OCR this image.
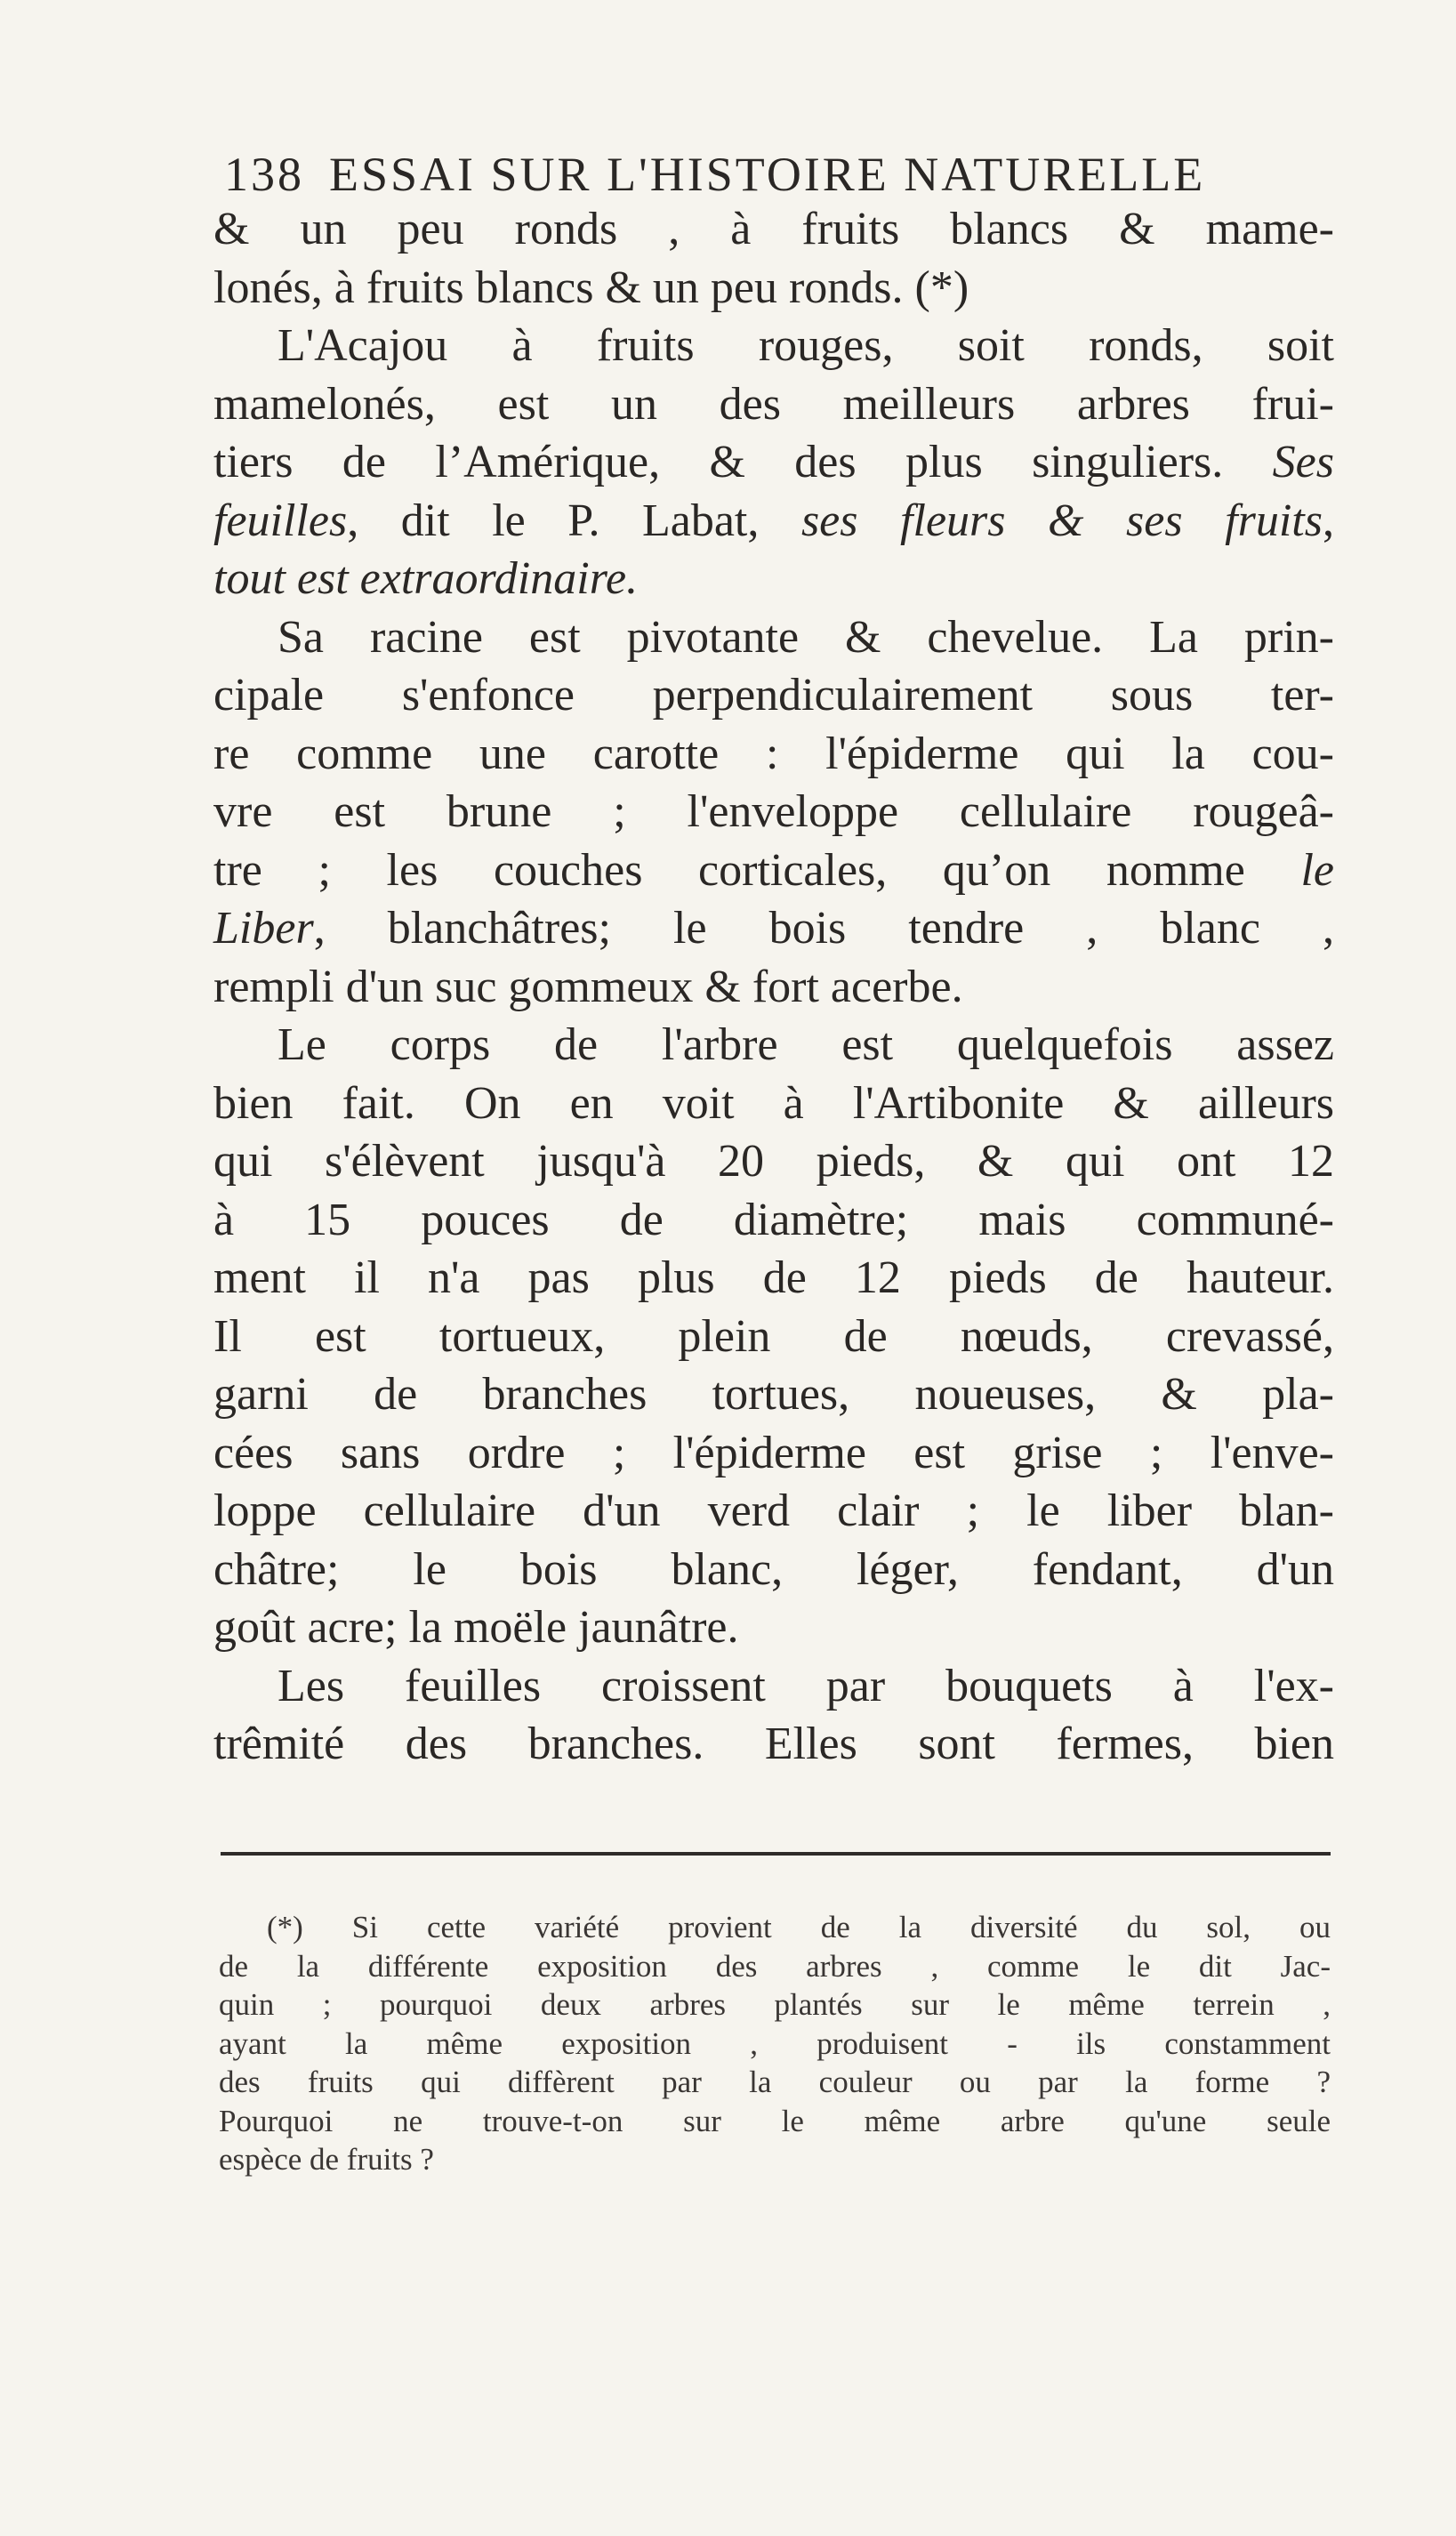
138 ESSAI SUR L'HISTOIRE NATURELLE
& un peu ronds , à fruits blancs & mame-
lonés, à fruits blancs & un peu ronds. (*)
L'Acajou à fruits rouges, soit ronds, soit
mamelonés, est un des meilleurs arbres frui-
tiers de l’Amérique, & des plus singuliers. Ses
feuilles, dit le P. Labat, ses fleurs & ses fruits,
tout est extraordinaire.
Sa racine est pivotante & chevelue. La prin-
cipale s'enfonce perpendiculairement sous ter-
re comme une carotte : l'épiderme qui la cou-
vre est brune ; l'enveloppe cellulaire rougeâ-
tre ; les couches corticales, qu’on nomme le
Liber, blanchâtres; le bois tendre , blanc ,
rempli d'un suc gommeux & fort acerbe.
Le corps de l'arbre est quelquefois assez
bien fait. On en voit à l'Artibonite & ailleurs
qui s'élèvent jusqu'à 20 pieds, & qui ont 12
à 15 pouces de diamètre; mais communé-
ment il n'a pas plus de 12 pieds de hauteur.
Il est tortueux, plein de nœuds, crevassé,
garni de branches tortues, noueuses, & pla-
cées sans ordre ; l'épiderme est grise ; l'enve-
loppe cellulaire d'un verd clair ; le liber blan-
châtre; le bois blanc, léger, fendant, d'un
goût acre; la moële jaunâtre.
Les feuilles croissent par bouquets à l'ex-
trêmité des branches. Elles sont fermes, bien
(*) Si cette variété provient de la diversité du sol, ou
de la différente exposition des arbres , comme le dit Jac-
quin ; pourquoi deux arbres plantés sur le même terrein ,
ayant la même exposition , produisent - ils constamment
des fruits qui diffèrent par la couleur ou par la forme ?
Pourquoi ne trouve-t-on sur le même arbre qu'une seule
espèce de fruits ?
